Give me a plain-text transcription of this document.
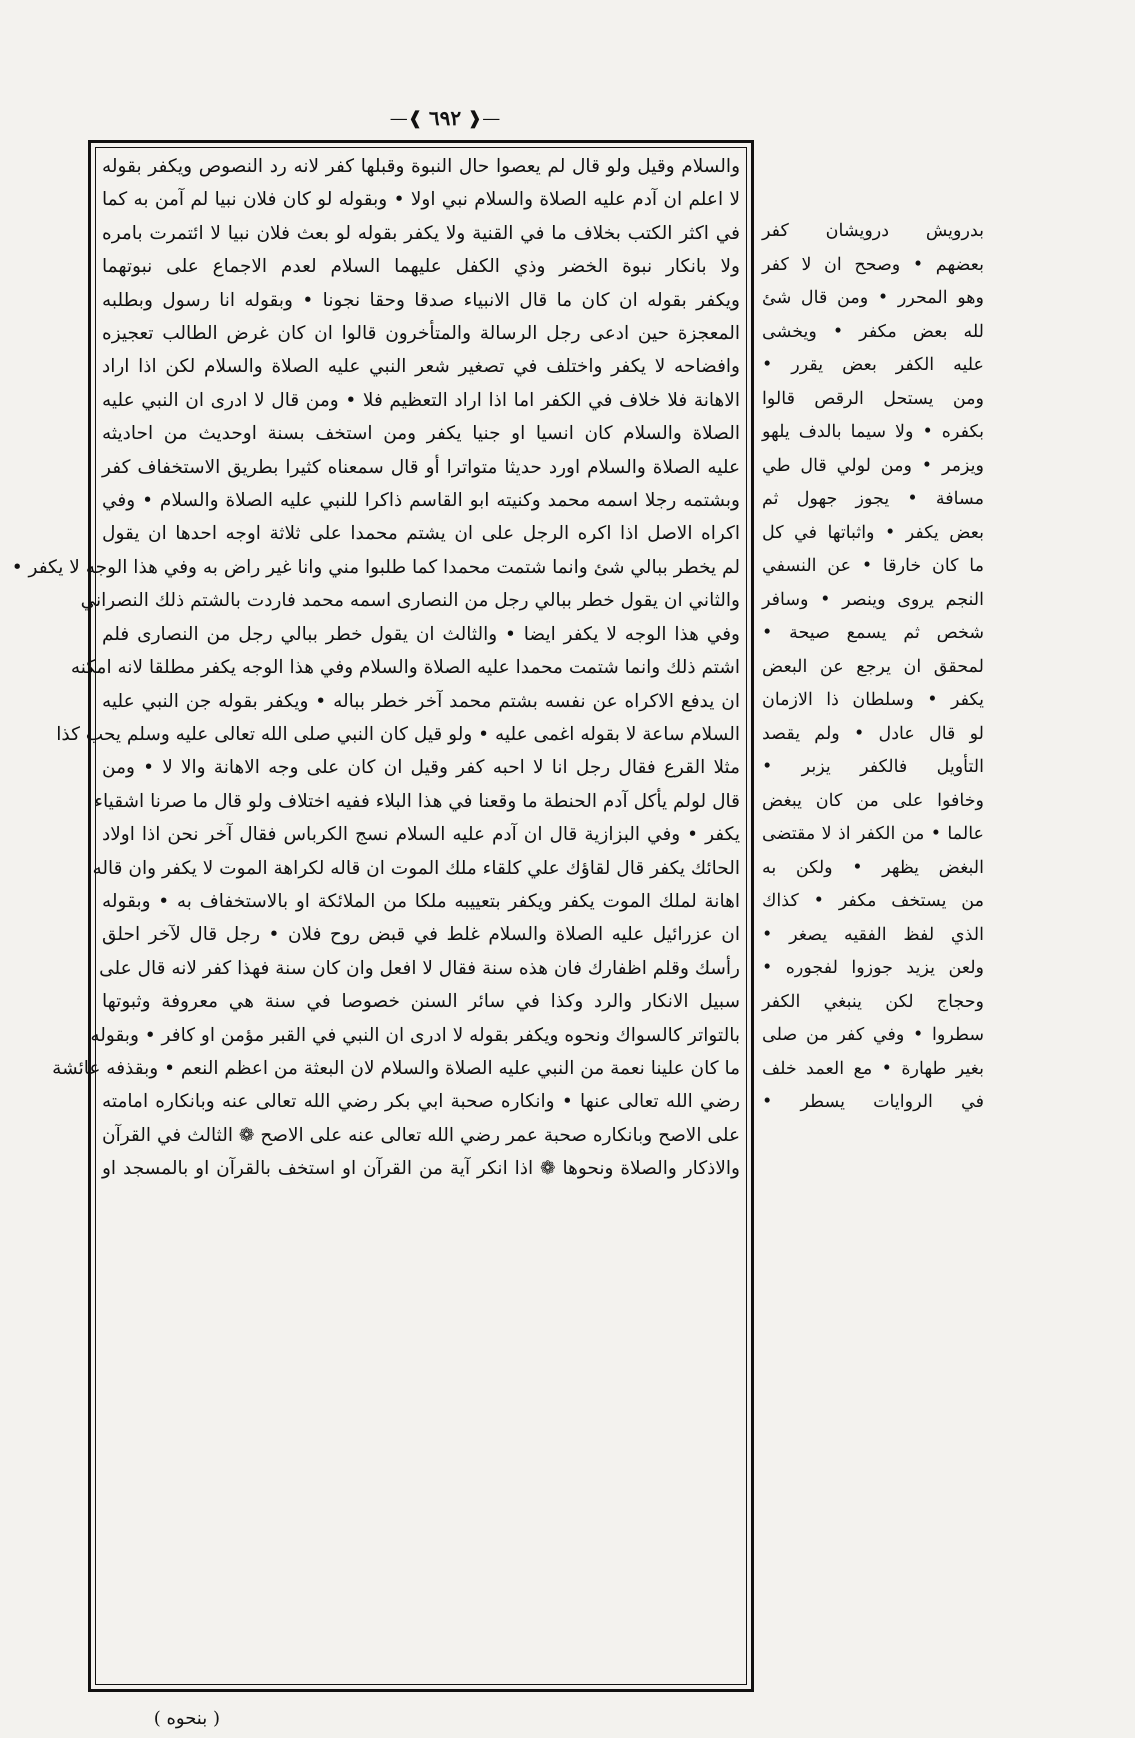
—❰ ٦٩٢ ❱—
والسلام وقيل ولو قال لم يعصوا حال النبوة وقبلها كفر لانه رد النصوص ويكفر بقوله
لا اعلم ان آدم عليه الصلاة والسلام نبي اولا • وبقوله لو كان فلان نبيا لم آمن به كما
في اكثر الكتب بخلاف ما في القنية ولا يكفر بقوله لو بعث فلان نبيا لا ائتمرت بامره
ولا بانكار نبوة الخضر وذي الكفل عليهما السلام لعدم الاجماع على نبوتهما
ويكفر بقوله ان كان ما قال الانبياء صدقا وحقا نجونا • وبقوله انا رسول وبطلبه
المعجزة حين ادعى رجل الرسالة والمتأخرون قالوا ان كان غرض الطالب تعجيزه
وافضاحه لا يكفر واختلف في تصغير شعر النبي عليه الصلاة والسلام لكن اذا اراد
الاهانة فلا خلاف في الكفر اما اذا اراد التعظيم فلا • ومن قال لا ادرى ان النبي عليه
الصلاة والسلام كان انسيا او جنيا يكفر ومن استخف بسنة اوحديث من احاديثه
عليه الصلاة والسلام اورد حديثا متواترا أو قال سمعناه كثيرا بطريق الاستخفاف كفر
وبشتمه رجلا اسمه محمد وكنيته ابو القاسم ذاكرا للنبي عليه الصلاة والسلام • وفي
اكراه الاصل اذا اكره الرجل على ان يشتم محمدا على ثلاثة اوجه احدها ان يقول
لم يخطر ببالي شئ وانما شتمت محمدا كما طلبوا مني وانا غير راض به وفي هذا الوجه لا يكفر •
والثاني ان يقول خطر ببالي رجل من النصارى اسمه محمد فاردت بالشتم ذلك النصراني
وفي هذا الوجه لا يكفر ايضا • والثالث ان يقول خطر ببالي رجل من النصارى فلم
اشتم ذلك وانما شتمت محمدا عليه الصلاة والسلام وفي هذا الوجه يكفر مطلقا لانه امكنه
ان يدفع الاكراه عن نفسه بشتم محمد آخر خطر بباله • ويكفر بقوله جن النبي عليه
السلام ساعة لا بقوله اغمى عليه • ولو قيل كان النبي صلى الله تعالى عليه وسلم يحب كذا
مثلا القرع فقال رجل انا لا احبه كفر وقيل ان كان على وجه الاهانة والا لا • ومن
قال لولم يأكل آدم الحنطة ما وقعنا في هذا البلاء ففيه اختلاف ولو قال ما صرنا اشقياء
يكفر • وفي البزازية قال ان آدم عليه السلام نسج الكرباس فقال آخر نحن اذا اولاد
الحائك يكفر قال لقاؤك علي كلقاء ملك الموت ان قاله لكراهة الموت لا يكفر وان قاله
اهانة لملك الموت يكفر ويكفر بتعييبه ملكا من الملائكة او بالاستخفاف به • وبقوله
ان عزرائيل عليه الصلاة والسلام غلط في قبض روح فلان • رجل قال لآخر احلق
رأسك وقلم اظفارك فان هذه سنة فقال لا افعل وان كان سنة فهذا كفر لانه قال على
سبيل الانكار والرد وكذا في سائر السنن خصوصا في سنة هي معروفة وثبوتها
بالتواتر كالسواك ونحوه ويكفر بقوله لا ادرى ان النبي في القبر مؤمن او كافر • وبقوله
ما كان علينا نعمة من النبي عليه الصلاة والسلام لان البعثة من اعظم النعم • وبقذفه عائشة
رضي الله تعالى عنها • وانكاره صحبة ابي بكر رضي الله تعالى عنه وبانكاره امامته
على الاصح وبانكاره صحبة عمر رضي الله تعالى عنه على الاصح ❁ الثالث في القرآن
والاذكار والصلاة ونحوها ❁ اذا انكر آية من القرآن او استخف بالقرآن او بالمسجد او
بدرويش درويشان كفر
بعضهم • وصحح ان لا كفر
وهو المحرر • ومن قال شئ
لله بعض مكفر • ويخشى
عليه الكفر بعض يقرر •
ومن يستحل الرقص قالوا
بكفره • ولا سيما بالدف يلهو
ويزمر • ومن لولي قال طي
مسافة • يجوز جهول ثم
بعض يكفر • واثباتها في كل
ما كان خارقا • عن النسفي
النجم يروى وينصر • وسافر
شخص ثم يسمع صيحة •
لمحقق ان يرجع عن البعض
يكفر • وسلطان ذا الازمان
لو قال عادل • ولم يقصد
التأويل فالكفر يزبر •
وخافوا على من كان يبغض
عالما • من الكفر اذ لا مقتضى
البغض يظهر • ولكن به
من يستخف مكفر • كذاك
الذي لفظ الفقيه يصغر •
ولعن يزيد جوزوا لفجوره •
وحجاج لكن ينبغي الكفر
سطروا • وفي كفر من صلى
بغير طهارة • مع العمد خلف
في الروايات يسطر •
( بنحوه )
